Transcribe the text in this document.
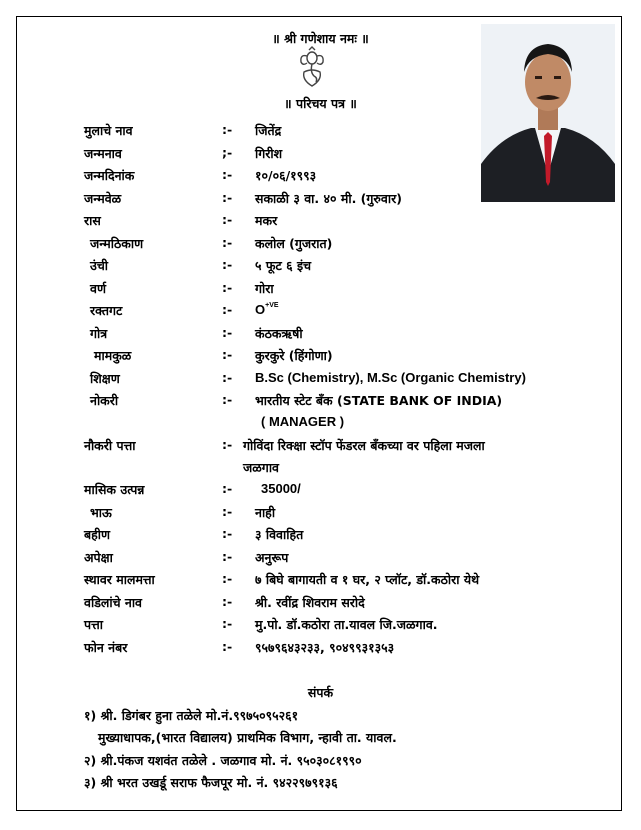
॥ श्री गणेशाय नमः ॥
॥ परिचय पत्र ॥
मुलाचे नाव	:- जितेंद्र
जन्मनाव	;- गिरीश
जन्मदिनांक	:- १०/०६/१९९३
जन्मवेळ	:- सकाळी ३ वा. ४० मी. (गुरुवार)
रास	:- मकर
जन्मठिकाण	:- कलोल (गुजरात)
उंची	:- ५ फूट ६ इंच
वर्ण	:- गोरा
रक्तगट	:- $O^{+VE}$
गोत्र	:- कंठकऋषी
मामकुळ	:- कुरकुरे (हिंगोणा)
शिक्षण	:- B.Sc (Chemistry), M.Sc (Organic Chemistry)
नोकरी	:- भारतीय स्टेट बँक (STATE BANK OF INDIA)
( MANAGER )
नौकरी पत्ता	:- गोविंदा रिक्क्षा स्टॉप फेंडरल बँकच्या वर पहिला मजला
जळगाव
मासिक उत्पन्न	:- 35000/
भाऊ	:- नाही
बहीण	:- ३ विवाहित
अपेक्षा	:- अनुरूप
स्थावर मालमत्ता	:- ७ बिघे बागायती व १ घर, २ प्लॉट, डॉ.कठोरा येथे
वडिलांचे नाव	:- श्री. रवींद्र शिवराम सरोदे
पत्ता	:- मु.पो. डॉ.कठोरा ता.यावल जि.जळगाव.
फोन नंबर	:- ९५७९६४३२३३, ९०४९९३१३५३
संपर्क
१) श्री. डिगंबर हुना तळेले मो.नं.९९७५०९५२६१
मुख्याधापक,(भारत विद्यालय) प्राथमिक विभाग, न्हावी ता. यावल.
२) श्री.पंकज यशवंत तळेले . जळगाव मो. नं. ९५०३०८१९९०
३) श्री भरत उखर्डू सराफ फैजपूर मो. नं. ९४२२९७९१३६
